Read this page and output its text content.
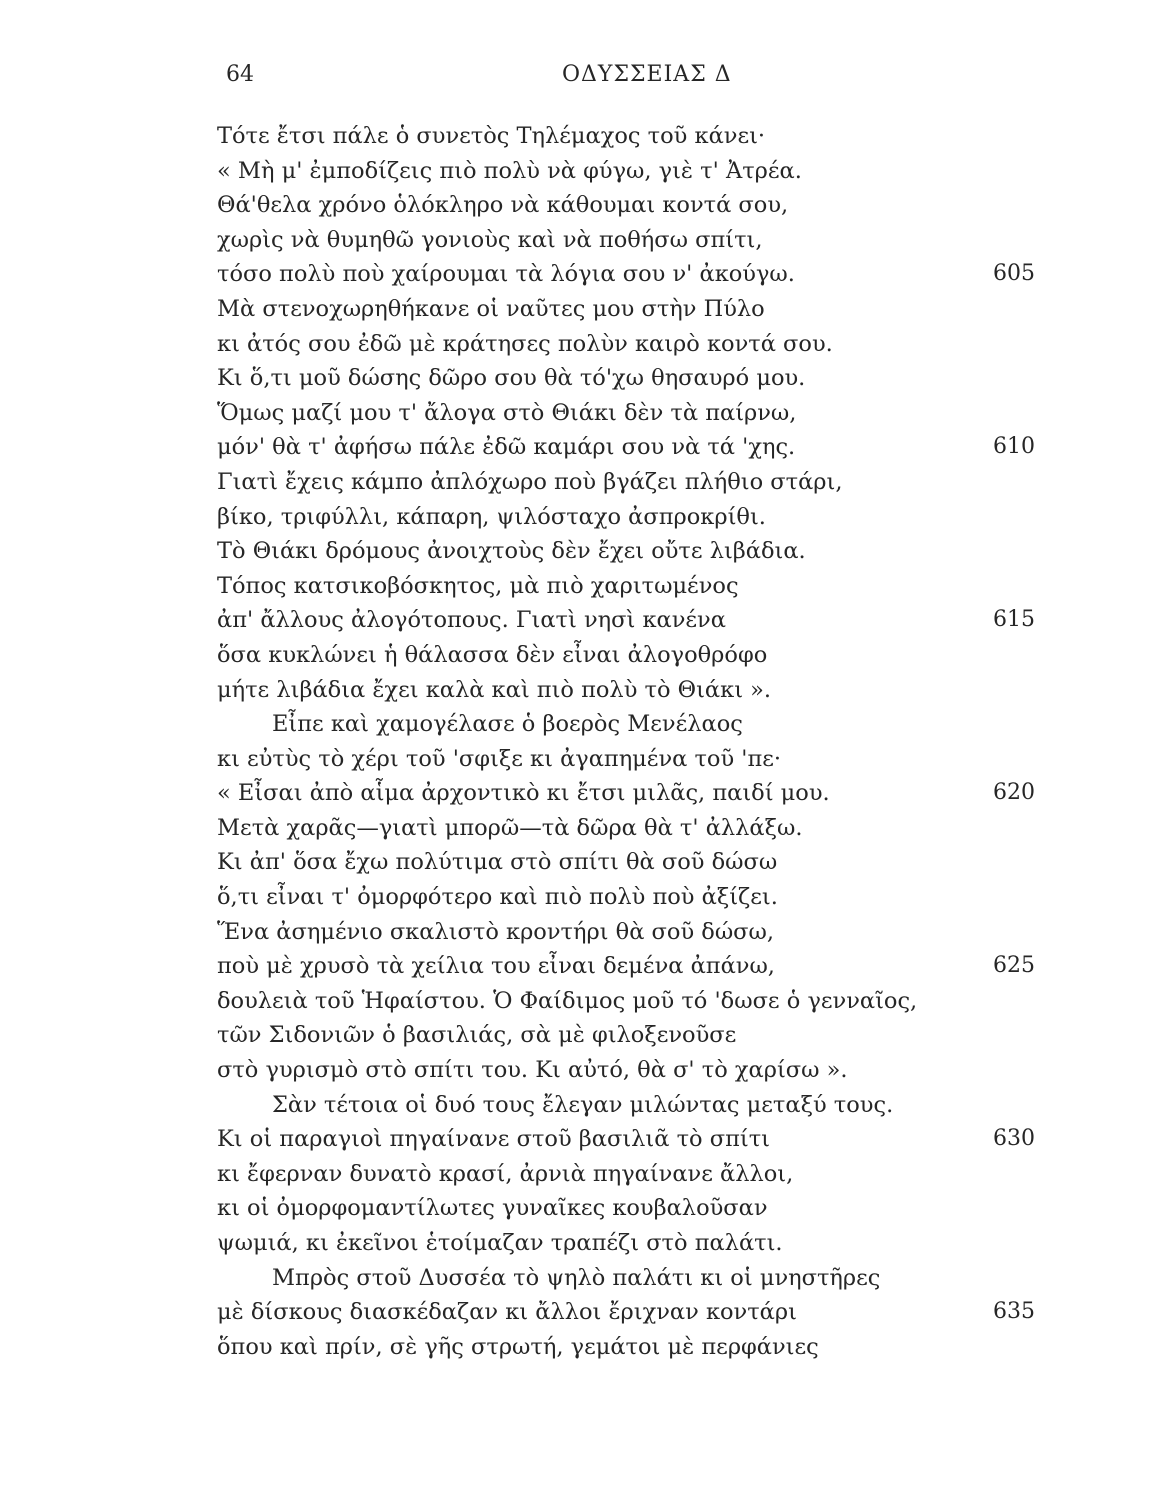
64	ΟΔΥΣΣΕΙΑΣ Δ
Τότε ἔτσι πάλε ὁ συνετὸς Τηλέμαχος τοῦ κάνει·
« Μὴ μ' ἐμποδίζεις πιὸ πολὺ νὰ φύγω, γιὲ τ' Ἀτρέα.
Θά'θελα χρόνο ὁλόκληρο νὰ κάθουμαι κοντά σου,
χωρὶς νὰ θυμηθῶ γονιοὺς καὶ νὰ ποθήσω σπίτι,
τόσο πολὺ ποὺ χαίρουμαι τὰ λόγια σου ν' ἀκούγω.	605
Μὰ στενοχωρηθήκανε οἱ ναῦτες μου στὴν Πύλο
κι ἀτός σου ἐδῶ μὲ κράτησες πολὺν καιρὸ κοντά σου.
Κι ὅ,τι μοῦ δώσης δῶρο σου θὰ τό'χω θησαυρό μου.
Ὅμως μαζί μου τ' ἄλογα στὸ Θιάκι δὲν τὰ παίρνω,
μόν' θὰ τ' ἀφήσω πάλε ἐδῶ καμάρι σου νὰ τά 'χης.	610
Γιατὶ ἔχεις κάμπο ἀπλόχωρο ποὺ βγάζει πλήθιο στάρι,
βίκο, τριφύλλι, κάπαρη, ψιλόσταχο ἀσπροκρίθι.
Τὸ Θιάκι δρόμους ἀνοιχτοὺς δὲν ἔχει οὔτε λιβάδια.
Τόπος κατσικοβόσκητος, μὰ πιὸ χαριτωμένος
ἀπ' ἄλλους ἀλογότοπους. Γιατὶ νησὶ κανένα	615
ὅσα κυκλώνει ἡ θάλασσα δὲν εἶναι ἀλογοθρόφο
μήτε λιβάδια ἔχει καλὰ καὶ πιὸ πολὺ τὸ Θιάκι ».
Εἶπε καὶ χαμογέλασε ὁ βοερὸς Μενέλαος
κι εὐτὺς τὸ χέρι τοῦ 'σφιξε κι ἀγαπημένα τοῦ 'πε·
« Εἶσαι ἀπὸ αἷμα ἀρχοντικὸ κι ἔτσι μιλᾶς, παιδί μου.	620
Μετὰ χαρᾶς—γιατὶ μπορῶ—τὰ δῶρα θὰ τ' ἀλλάξω.
Κι ἀπ' ὅσα ἔχω πολύτιμα στὸ σπίτι θὰ σοῦ δώσω
ὅ,τι εἶναι τ' ὀμορφότερο καὶ πιὸ πολὺ ποὺ ἀξίζει.
Ἕνα ἀσημένιο σκαλιστὸ κροντήρι θὰ σοῦ δώσω,
ποὺ μὲ χρυσὸ τὰ χείλια του εἶναι δεμένα ἀπάνω,	625
δουλειὰ τοῦ Ἡφαίστου. Ὁ Φαίδιμος μοῦ τό 'δωσε ὁ γενναῖος,
τῶν Σιδονιῶν ὁ βασιλιάς, σὰ μὲ φιλοξενοῦσε
στὸ γυρισμὸ στὸ σπίτι του. Κι αὐτό, θὰ σ' τὸ χαρίσω ».
Σὰν τέτοια οἱ δυό τους ἔλεγαν μιλώντας μεταξύ τους.
Κι οἱ παραγιοὶ πηγαίνανε στοῦ βασιλιᾶ τὸ σπίτι	630
κι ἔφερναν δυνατὸ κρασί, ἀρνιὰ πηγαίνανε ἄλλοι,
κι οἱ ὀμορφομαντίλωτες γυναῖκες κουβαλοῦσαν
ψωμιά, κι ἐκεῖνοι ἑτοίμαζαν τραπέζι στὸ παλάτι.
Μπρὸς στοῦ Δυσσέα τὸ ψηλὸ παλάτι κι οἱ μνηστῆρες
μὲ δίσκους διασκέδαζαν κι ἄλλοι ἔριχναν κοντάρι	635
ὅπου καὶ πρίν, σὲ γῆς στρωτή, γεμάτοι μὲ περφάνιες
